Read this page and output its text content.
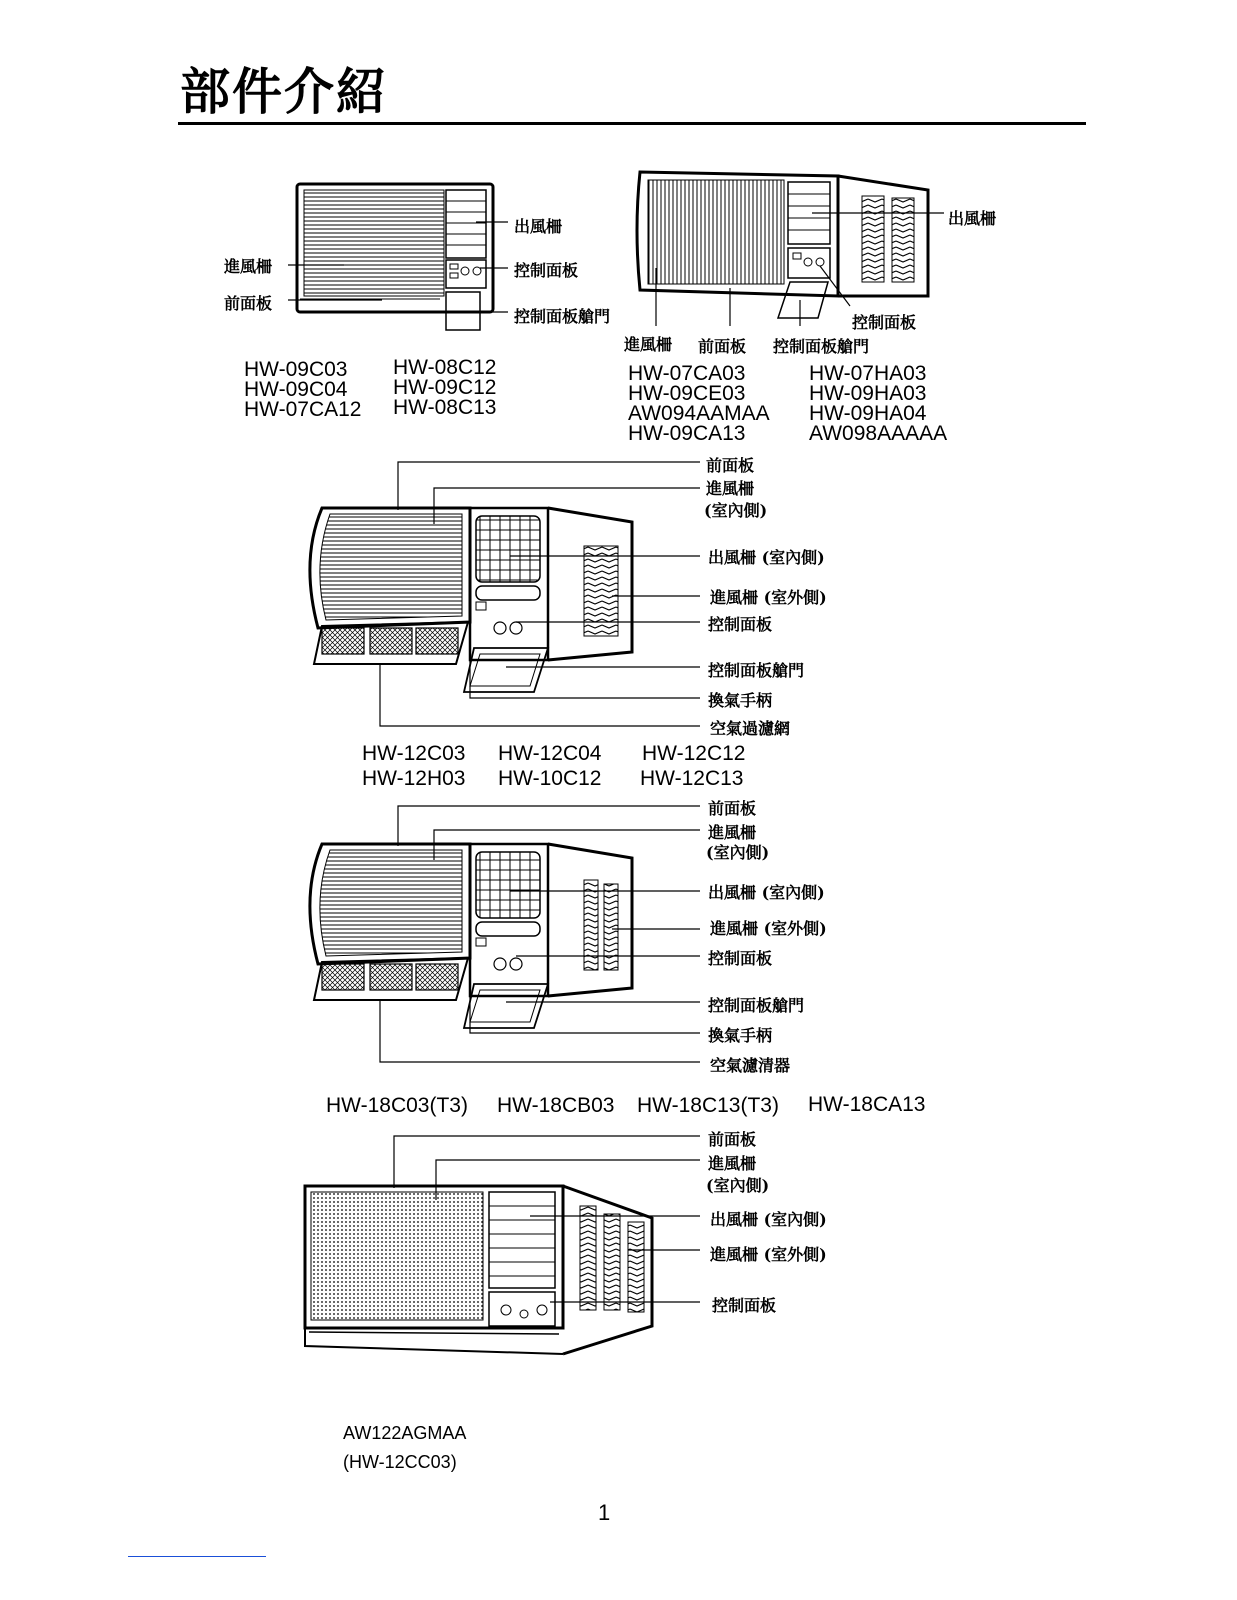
部件介紹
出風柵
控制面板
控制面板艙門
進風柵
前面板
HW-09C03
HW-09C04
HW-07CA12
HW-08C12
HW-09C12
HW-08C13
出風柵
控制面板
進風柵 前面板 控制面板艙門
HW-07CA03
HW-09CE03
AW094AAMAA
HW-09CA13
HW-07HA03
HW-09HA03
HW-09HA04
AW098AAAAA
前面板
進風柵
(室內側)
出風柵 (室內側)
進風柵 (室外側)
控制面板
控制面板艙門
換氣手柄
空氣過濾網
HW-12C03 HW-12C04 HW-12C12
HW-12H03 HW-10C12 HW-12C13
前面板
進風柵
(室內側)
出風柵 (室內側)
進風柵 (室外側)
控制面板
控制面板艙門
換氣手柄
空氣濾清器
HW-18C03(T3) HW-18CB03 HW-18C13(T3) HW-18CA13
前面板
進風柵
(室內側)
出風柵 (室內側)
進風柵 (室外側)
控制面板
AW122AGMAA
(HW-12CC03)
1
